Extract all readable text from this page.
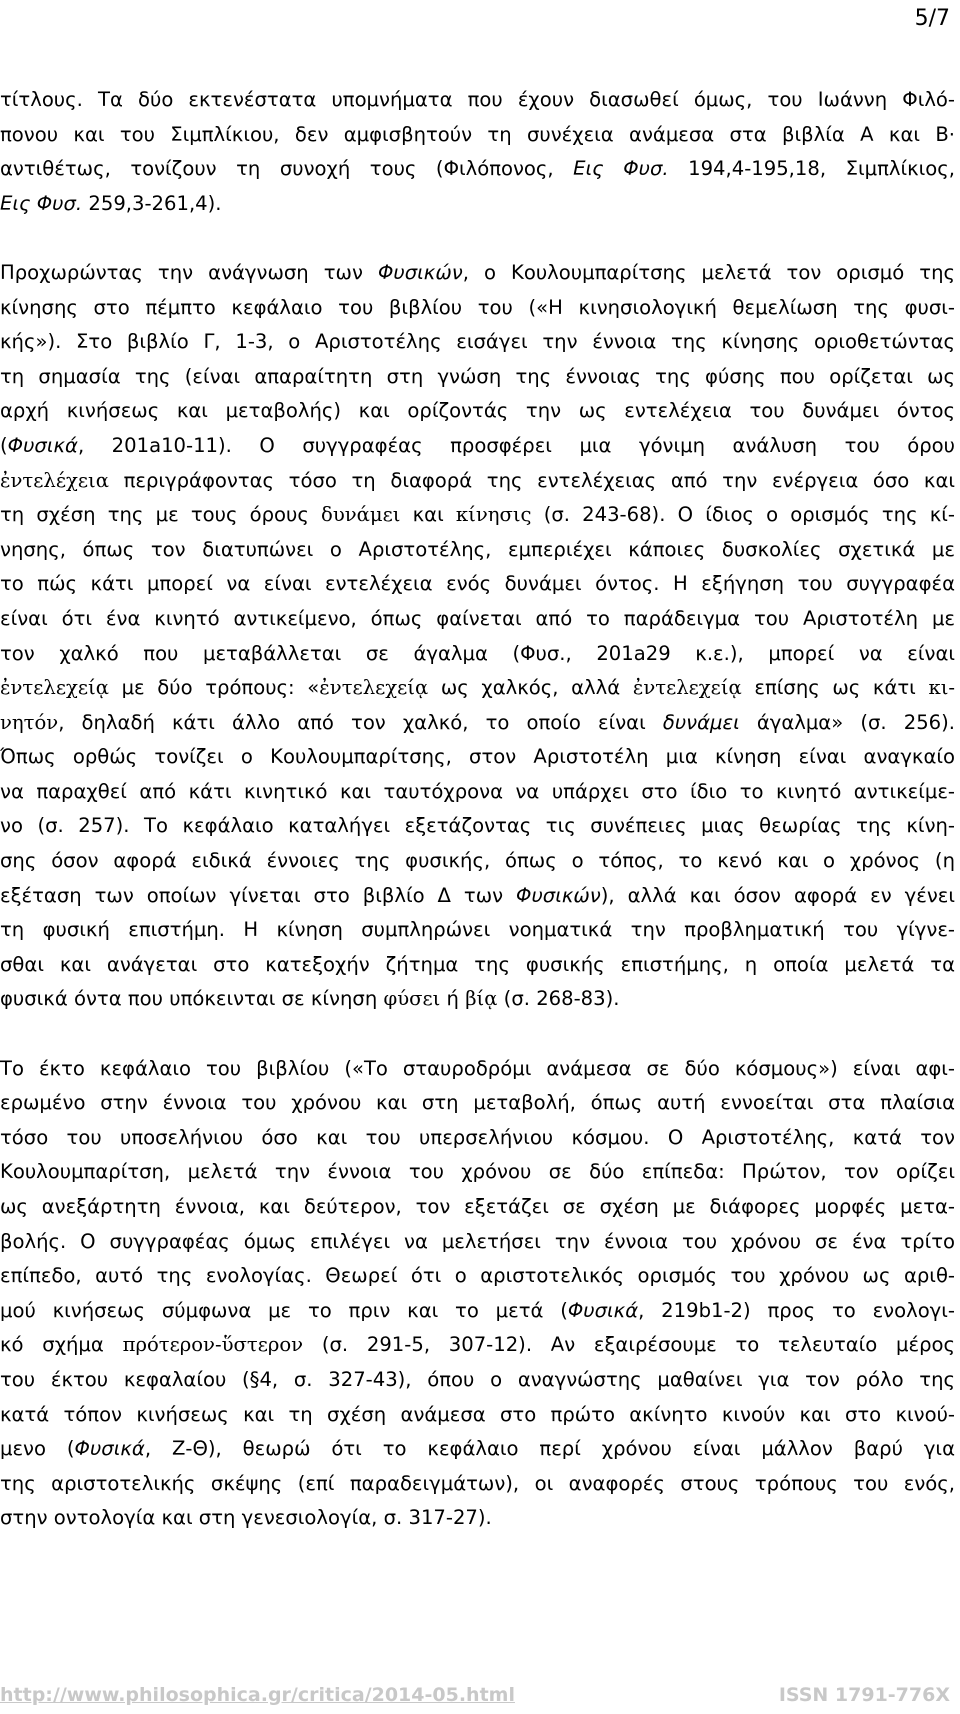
5/7
τίτλους. Τα δύο εκτενέστατα υπομνήματα που έχουν διασωθεί όμως, του Ιωάννη Φιλό-
πονου και του Σιμπλίκιου, δεν αμφισβητούν τη συνέχεια ανάμεσα στα βιβλία Α και Β·
αντιθέτως, τονίζουν τη συνοχή τους (Φιλόπονος, Εις Φυσ. 194,4-195,18, Σιμπλίκιος,
Εις Φυσ. 259,3-261,4).
Προχωρώντας την ανάγνωση των Φυσικών, ο Κουλουμπαρίτσης μελετά τον ορισμό της
κίνησης στο πέμπτο κεφάλαιο του βιβλίου του («Η κινησιολογική θεμελίωση της φυσι-
κής»). Στο βιβλίο Γ, 1-3, ο Αριστοτέλης εισάγει την έννοια της κίνησης οριοθετώντας
τη σημασία της (είναι απαραίτητη στη γνώση της έννοιας της φύσης που ορίζεται ως
αρχή κινήσεως και μεταβολής) και ορίζοντάς την ως εντελέχεια του δυνάμει όντος
(Φυσικά, 201a10-11). Ο συγγραφέας προσφέρει μια γόνιμη ανάλυση του όρου
ἐντελέχεια περιγράφοντας τόσο τη διαφορά της εντελέχειας από την ενέργεια όσο και
τη σχέση της με τους όρους δυνάμει και κίνησις (σ. 243-68). Ο ίδιος ο ορισμός της κί-
νησης, όπως τον διατυπώνει ο Αριστοτέλης, εμπεριέχει κάποιες δυσκολίες σχετικά με
το πώς κάτι μπορεί να είναι εντελέχεια ενός δυνάμει όντος. Η εξήγηση του συγγραφέα
είναι ότι ένα κινητό αντικείμενο, όπως φαίνεται από το παράδειγμα του Αριστοτέλη με
τον χαλκό που μεταβάλλεται σε άγαλμα (Φυσ., 201a29 κ.ε.), μπορεί να είναι
ἐντελεχείᾳ με δύο τρόπους: «ἐντελεχείᾳ ως χαλκός, αλλά ἐντελεχείᾳ επίσης ως κάτι κι-
νητόν, δηλαδή κάτι άλλο από τον χαλκό, το οποίο είναι δυνάμει άγαλμα» (σ. 256).
Όπως ορθώς τονίζει ο Κουλουμπαρίτσης, στον Αριστοτέλη μια κίνηση είναι αναγκαίο
να παραχθεί από κάτι κινητικό και ταυτόχρονα να υπάρχει στο ίδιο το κινητό αντικείμε-
νο (σ. 257). Το κεφάλαιο καταλήγει εξετάζοντας τις συνέπειες μιας θεωρίας της κίνη-
σης όσον αφορά ειδικά έννοιες της φυσικής, όπως ο τόπος, το κενό και ο χρόνος (η
εξέταση των οποίων γίνεται στο βιβλίο Δ των Φυσικών), αλλά και όσον αφορά εν γένει
τη φυσική επιστήμη. Η κίνηση συμπληρώνει νοηματικά την προβληματική του γίγνε-
σθαι και ανάγεται στο κατεξοχήν ζήτημα της φυσικής επιστήμης, η οποία μελετά τα
φυσικά όντα που υπόκεινται σε κίνηση φύσει ή βίᾳ (σ. 268-83).
Το έκτο κεφάλαιο του βιβλίου («Το σταυροδρόμι ανάμεσα σε δύο κόσμους») είναι αφι-
ερωμένο στην έννοια του χρόνου και στη μεταβολή, όπως αυτή εννοείται στα πλαίσια
τόσο του υποσελήνιου όσο και του υπερσελήνιου κόσμου. Ο Αριστοτέλης, κατά τον
Κουλουμπαρίτση, μελετά την έννοια του χρόνου σε δύο επίπεδα: Πρώτον, τον ορίζει
ως ανεξάρτητη έννοια, και δεύτερον, τον εξετάζει σε σχέση με διάφορες μορφές μετα-
βολής. Ο συγγραφέας όμως επιλέγει να μελετήσει την έννοια του χρόνου σε ένα τρίτο
επίπεδο, αυτό της ενολογίας. Θεωρεί ότι ο αριστοτελικός ορισμός του χρόνου ως αριθ-
μού κινήσεως σύμφωνα με το πριν και το μετά (Φυσικά, 219b1-2) προς το ενολογι-
κό σχήμα πρότερον-ὕστερον (σ. 291-5, 307-12). Αν εξαιρέσουμε το τελευταίο μέρος
του έκτου κεφαλαίου (§4, σ. 327-43), όπου ο αναγνώστης μαθαίνει για τον ρόλο της
κατά τόπον κινήσεως και τη σχέση ανάμεσα στο πρώτο ακίνητο κινούν και στο κινού-
μενο (Φυσικά, Ζ-Θ), θεωρώ ότι το κεφάλαιο περί χρόνου είναι μάλλον βαρύ για
της αριστοτελικής σκέψης (επί παραδειγμάτων), οι αναφορές στους τρόπους του ενός,
στην οντολογία και στη γενεσιολογία, σ. 317-27).
http://www.philosophica.gr/critica/2014-05.html	ISSN 1791-776X
